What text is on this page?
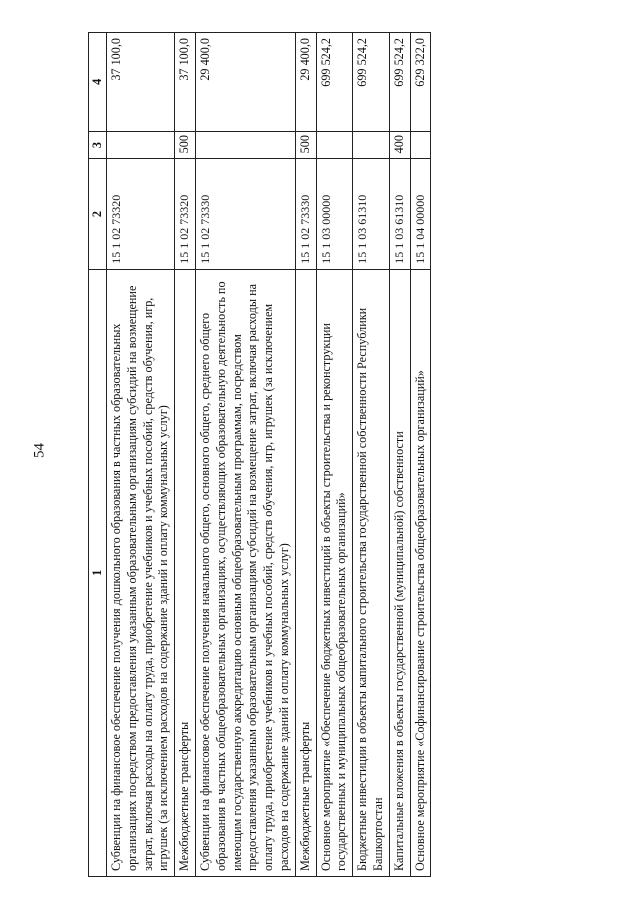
54
1	2	3	4
Субвенции на финансовое обеспечение получения дошкольного образования в частных образовательных организациях посредством предоставления указанным образовательным организациям субсидий на возмещение затрат, включая расходы на оплату труда, приобретение учебников и учебных пособий, средств обучения, игр, игрушек (за исключением расходов на содержание зданий и оплату коммунальных услуг)	15 1 02 73320		37 100,0
Межбюджетные трансферты	15 1 02 73320	500	37 100,0
Субвенции на финансовое обеспечение получения начального общего, основного общего, среднего общего образования в частных общеобразовательных организациях, осуществляющих образовательную деятельность по имеющим государственную аккредитацию основным общеобразовательным программам, посредством предоставления указанным образовательным организациям субсидий на возмещение затрат, включая расходы на оплату труда, приобретение учебников и учебных пособий, средств обучения, игр, игрушек (за исключением расходов на содержание зданий и оплату коммунальных услуг)	15 1 02 73330		29 400,0
Межбюджетные трансферты	15 1 02 73330	500	29 400,0
Основное мероприятие «Обеспечение бюджетных инвестиций в объекты строительства и реконструкции государственных и муниципальных общеобразовательных организаций»	15 1 03 00000		699 524,2
Бюджетные инвестиции в объекты капитального строительства государственной собственности Республики Башкортостан	15 1 03 61310		699 524,2
Капитальные вложения в объекты государственной (муниципальной) собственности	15 1 03 61310	400	699 524,2
Основное мероприятие «Софинансирование строительства общеобразовательных организаций»	15 1 04 00000		629 322,0
